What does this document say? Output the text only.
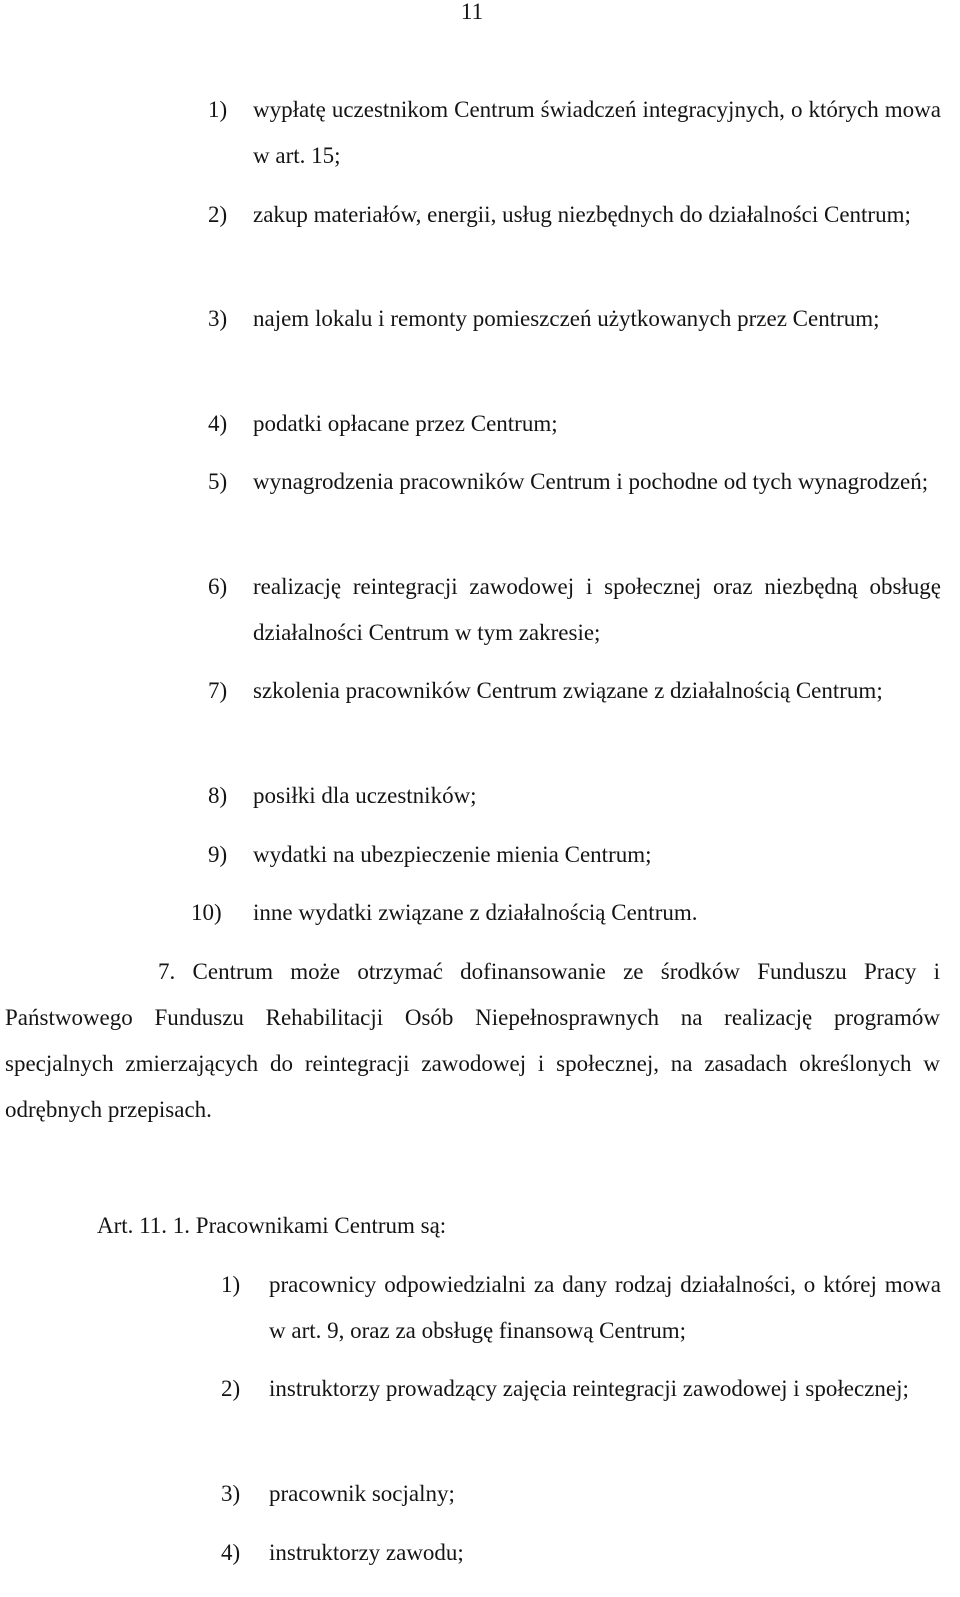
11
1)	wypłatę uczestnikom Centrum świadczeń integracyjnych, o których mowa w art. 15;
2)	zakup materiałów, energii, usług niezbędnych do działalności Centrum;
3)	najem lokalu i remonty pomieszczeń użytkowanych przez Centrum;
4)	podatki opłacane przez Centrum;
5)	wynagrodzenia pracowników Centrum i pochodne od tych wynagrodzeń;
6)	realizację reintegracji zawodowej i społecznej oraz niezbędną obsługę działalności Centrum w tym zakresie;
7)	szkolenia pracowników Centrum związane z działalnością Centrum;
8)	posiłki dla uczestników;
9)	wydatki na ubezpieczenie mienia Centrum;
10)	inne wydatki związane z działalnością Centrum.
7. Centrum może otrzymać dofinansowanie ze środków Funduszu Pracy i Państwowego Funduszu Rehabilitacji Osób Niepełnosprawnych na realizację programów specjalnych zmierzających do reintegracji zawodowej i społecznej, na zasadach określonych w odrębnych przepisach.
Art. 11. 1. Pracownikami Centrum są:
1)	pracownicy odpowiedzialni za dany rodzaj działalności, o której mowa w art. 9, oraz za obsługę finansową Centrum;
2)	instruktorzy prowadzący zajęcia reintegracji zawodowej i społecznej;
3)	pracownik socjalny;
4)	instruktorzy zawodu;
